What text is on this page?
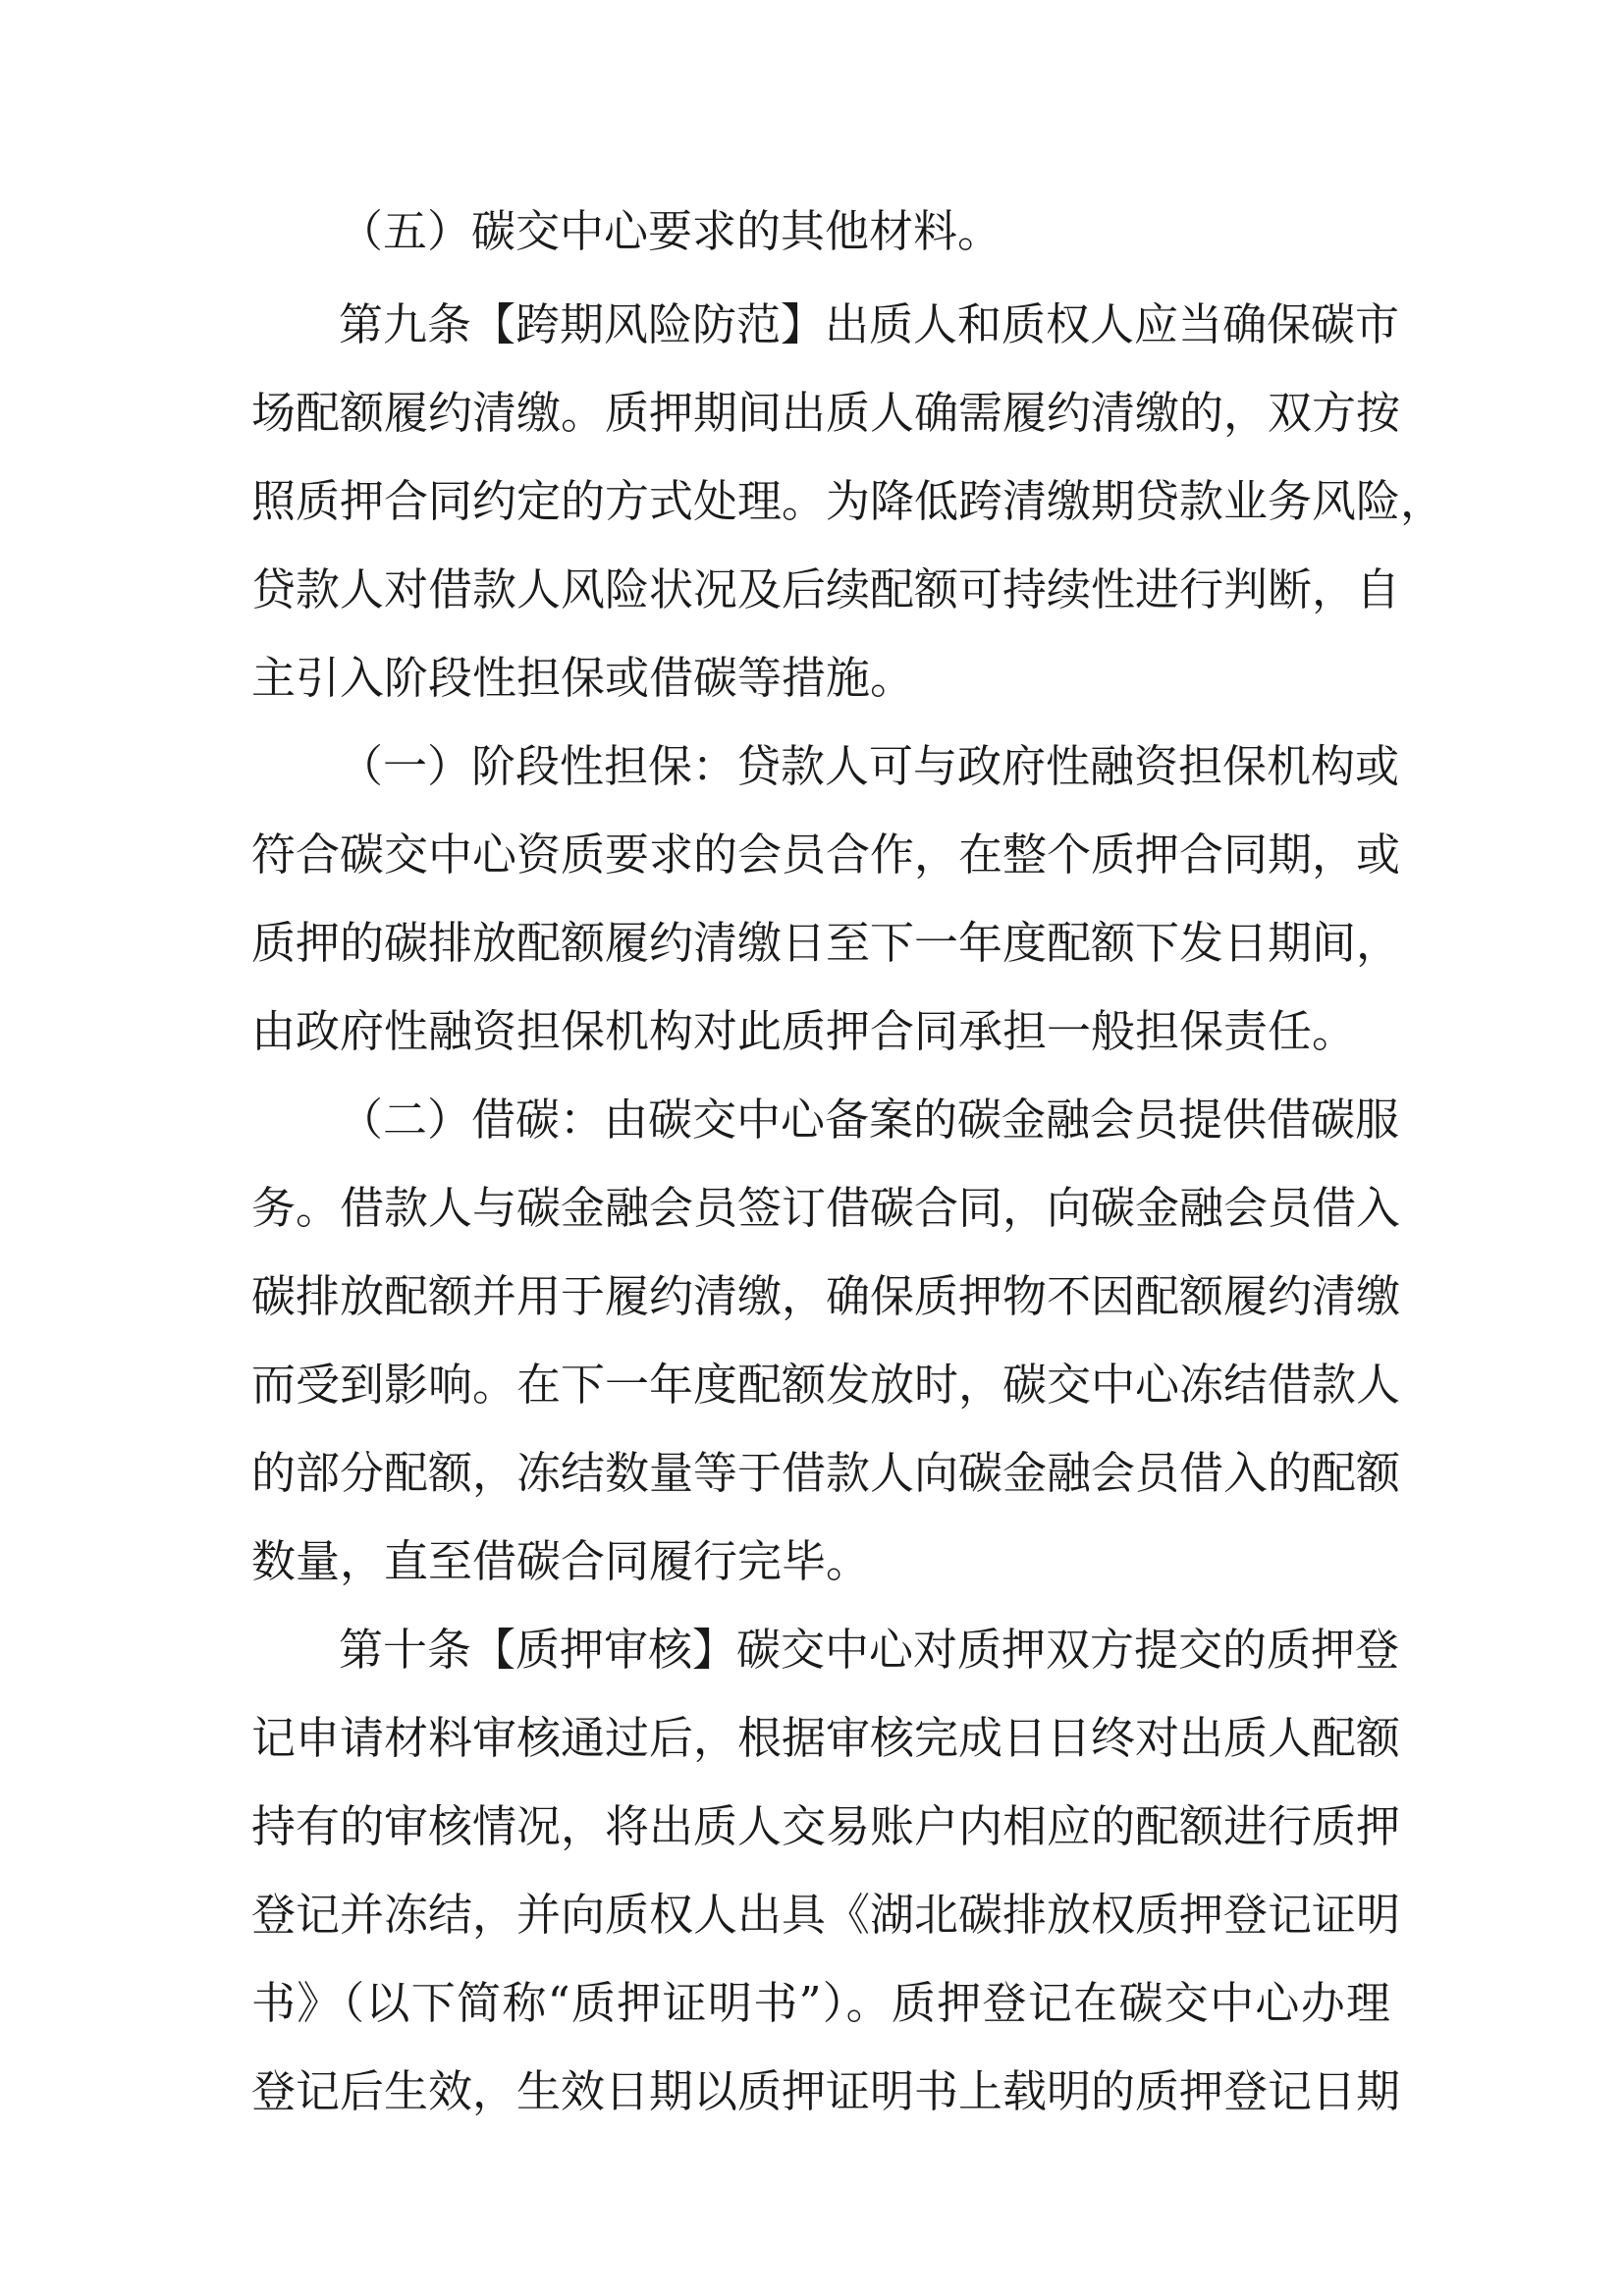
（五）碳交中心要求的其他材料。
第九条【跨期风险防范】出质人和质权人应当确保碳市
场配额履约清缴。质押期间出质人确需履约清缴的，双方按
照质押合同约定的方式处理。为降低跨清缴期贷款业务风险，
贷款人对借款人风险状况及后续配额可持续性进行判断，自
主引入阶段性担保或借碳等措施。
（一）阶段性担保：贷款人可与政府性融资担保机构或
符合碳交中心资质要求的会员合作，在整个质押合同期，或
质押的碳排放配额履约清缴日至下一年度配额下发日期间，
由政府性融资担保机构对此质押合同承担一般担保责任。
（二）借碳：由碳交中心备案的碳金融会员提供借碳服
务。借款人与碳金融会员签订借碳合同，向碳金融会员借入
碳排放配额并用于履约清缴，确保质押物不因配额履约清缴
而受到影响。在下一年度配额发放时，碳交中心冻结借款人
的部分配额，冻结数量等于借款人向碳金融会员借入的配额
数量，直至借碳合同履行完毕。
第十条【质押审核】碳交中心对质押双方提交的质押登
记申请材料审核通过后，根据审核完成日日终对出质人配额
持有的审核情况，将出质人交易账户内相应的配额进行质押
登记并冻结，并向质权人出具《湖北碳排放权质押登记证明
书》（以下简称“质押证明书”）。质押登记在碳交中心办理
登记后生效，生效日期以质押证明书上载明的质押登记日期
